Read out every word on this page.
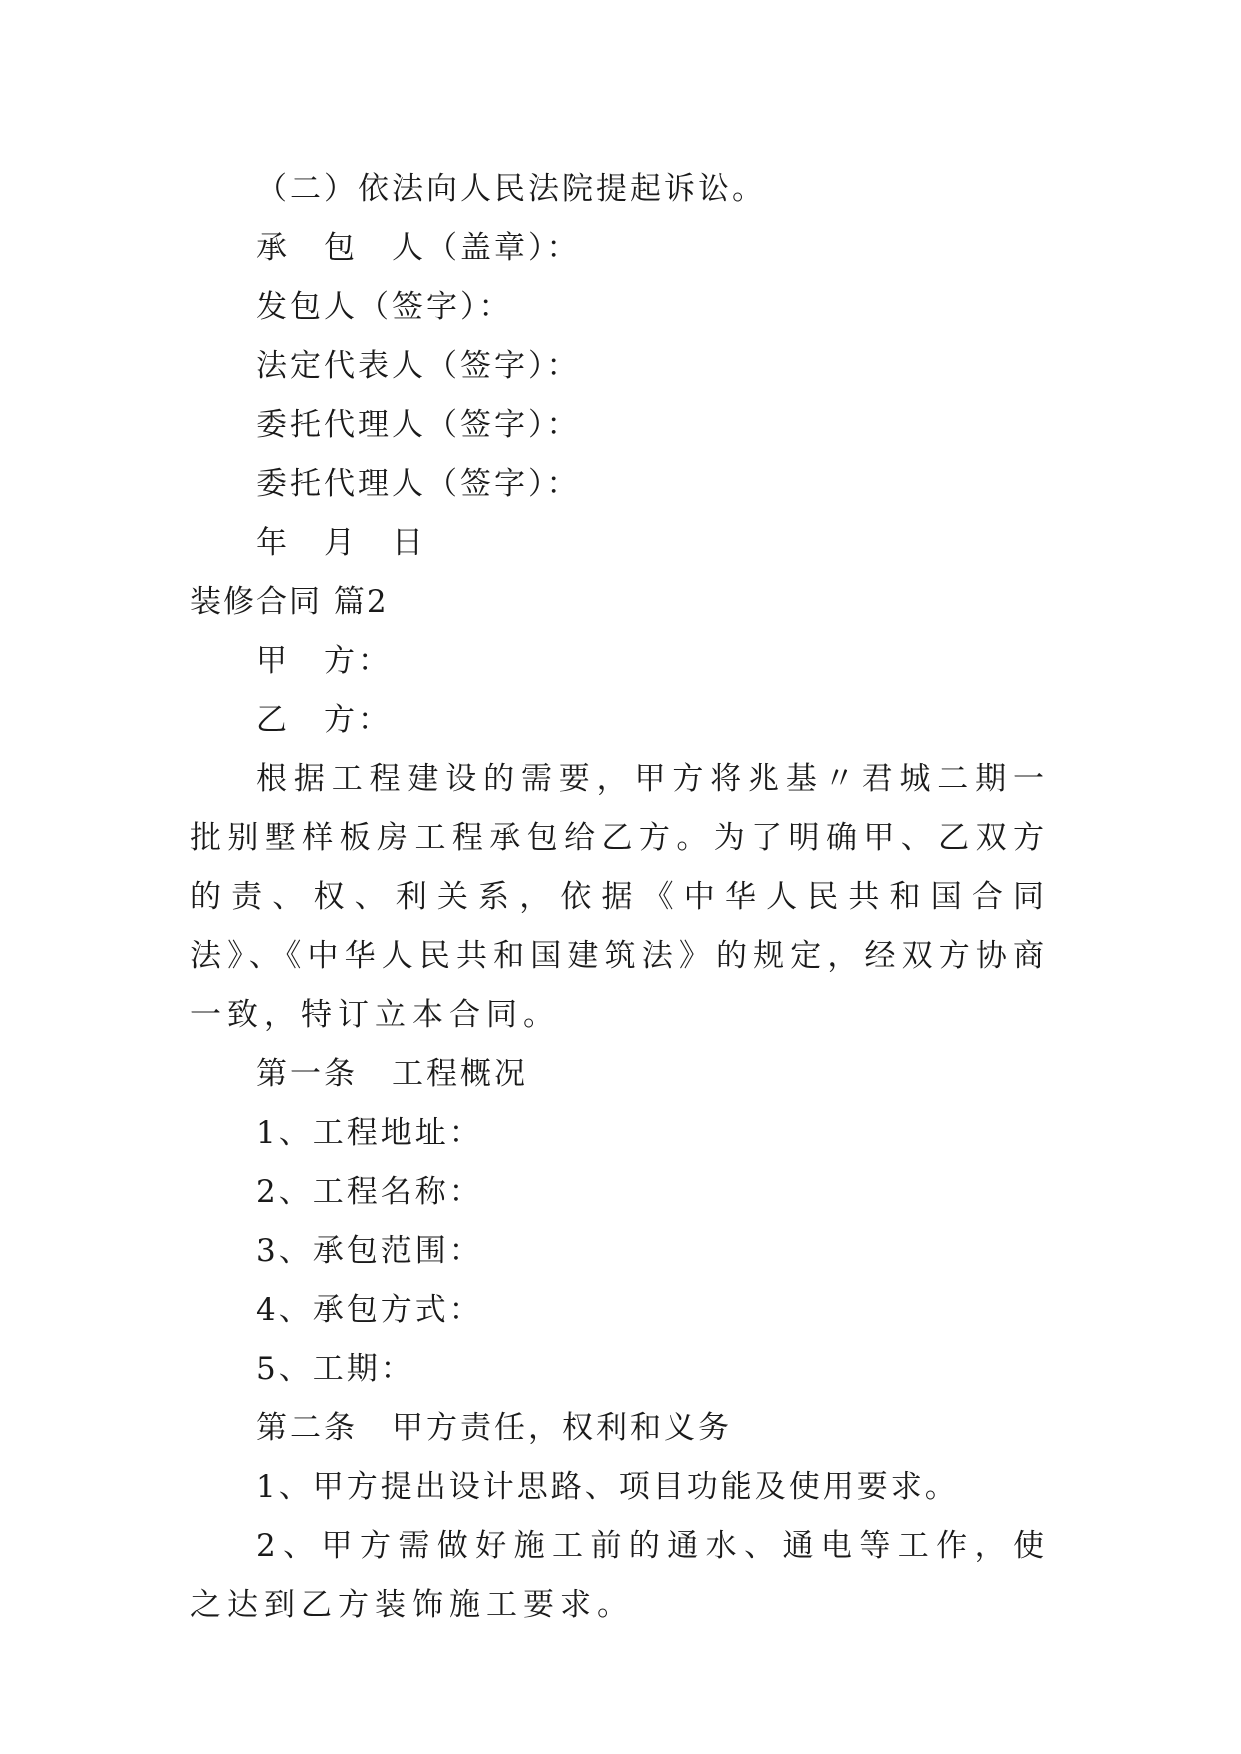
（二）依法向人民法院提起诉讼。
承　包　人（盖章）：
发包人（签字）：
法定代表人（签字）：
委托代理人（签字）：
委托代理人（签字）：
年　月　日
装修合同 篇2
甲　方：
乙　方：

根据工程建设的需要，甲方将兆基〃君城二期一批别墅样板房工程承包给乙方。为了明确甲、乙双方的责、权、利关系，依据《中华人民共和国合同法》、《中华人民共和国建筑法》的规定，经双方协商一致，特订立本合同。

第一条　工程概况
1、工程地址：
2、工程名称：
3、承包范围：
4、承包方式：
5、工期：
第二条　甲方责任，权利和义务
1、甲方提出设计思路、项目功能及使用要求。

2、甲方需做好施工前的通水、通电等工作，使之达到乙方装饰施工要求。
